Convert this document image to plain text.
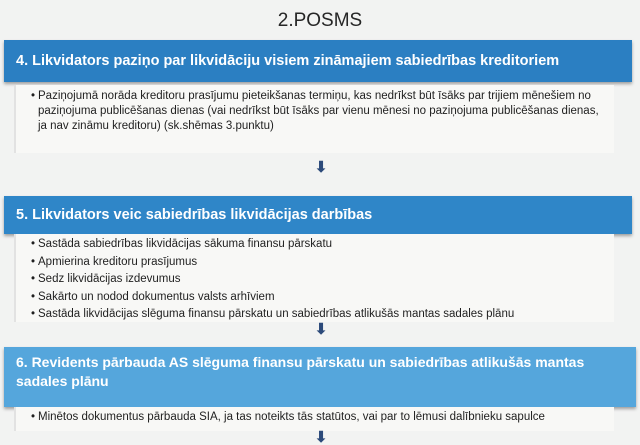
2.POSMS
4. Likvidators paziņo par likvidāciju visiem zināmajiem sabiedrības kreditoriem
• Paziņojumā norāda kreditoru prasījumu pieteikšanas termiņu, kas nedrīkst būt īsāks par trijiem mēnešiem no paziņojuma publicēšanas dienas (vai nedrīkst būt īsāks par vienu mēnesi no paziņojuma publicēšanas dienas, ja nav zināmu kreditoru) (sk.shēmas 3.punktu)
⬇
5. Likvidators veic sabiedrības likvidācijas darbības
• Sastāda sabiedrības likvidācijas sākuma finansu pārskatu
• Apmierina kreditoru prasījumus
• Sedz likvidācijas izdevumus
• Sakārto un nodod dokumentus valsts arhīviem
• Sastāda likvidācijas slēguma finansu pārskatu un sabiedrības atlikušās mantas sadales plānu
⬇
6. Revidents pārbauda AS slēguma finansu pārskatu un sabiedrības atlikušās mantas sadales plānu
• Minētos dokumentus pārbauda SIA, ja tas noteikts tās statūtos, vai par to lēmusi dalībnieku sapulce
⬇
